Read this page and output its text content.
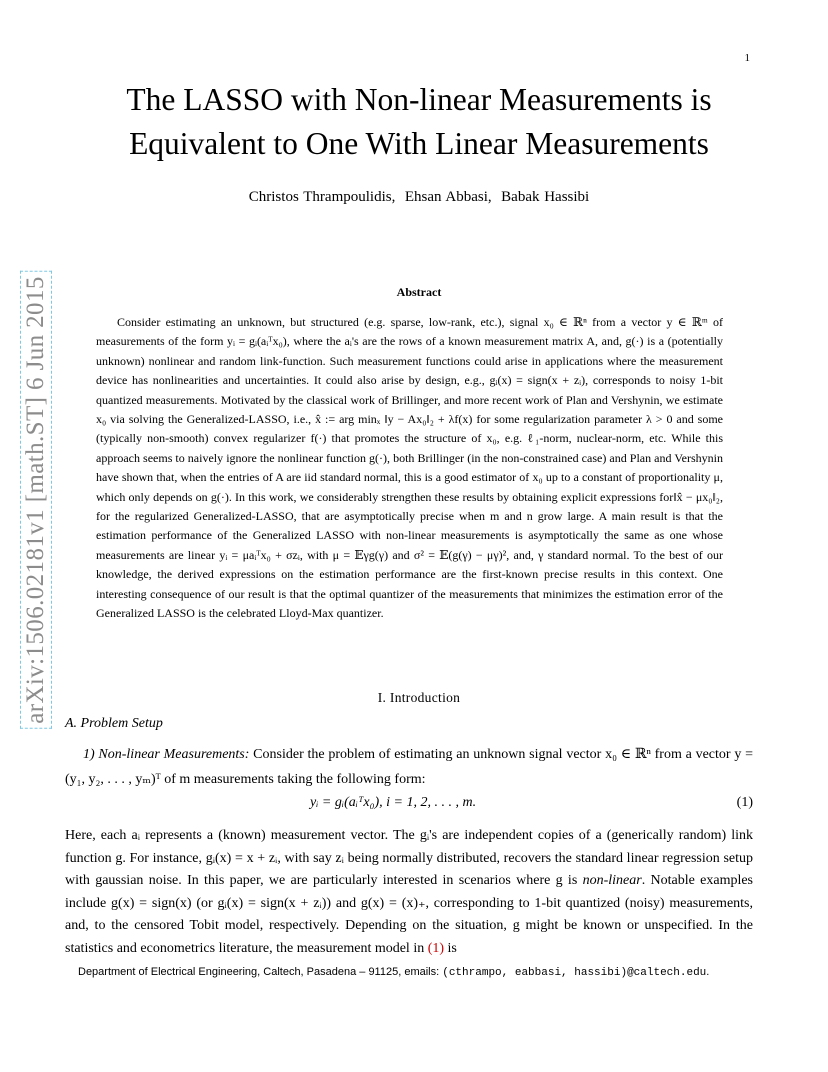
1
The LASSO with Non-linear Measurements is
Equivalent to One With Linear Measurements
Christos Thrampoulidis ,  Ehsan Abbasi ,  Babak Hassibi
arXiv:1506.02181v1 [math.ST] 6 Jun 2015	Abstract

Consider estimating an unknown, but structured (e.g. sparse, low-rank, etc.), signal x₀ ∈ ℝⁿ from a vector y ∈ ℝᵐ of measurements of the form yᵢ = gᵢ(aᵢᵀx₀), where the aᵢ's are the rows of a known measurement matrix A, and, g(·) is a (potentially unknown) nonlinear and random link-function. Such measurement functions could arise in applications where the measurement device has nonlinearities and uncertainties. It could also arise by design, e.g., gᵢ(x) = sign(x + zᵢ), corresponds to noisy 1-bit quantized measurements. Motivated by the classical work of Brillinger, and more recent work of Plan and Vershynin, we estimate x₀ via solving the Generalized-LASSO, i.e., x̂ := arg minₓ ‖y − Ax₀‖₂ + λf(x) for some regularization parameter λ > 0 and some (typically non-smooth) convex regularizer f(·) that promotes the structure of x₀, e.g. ℓ₁-norm, nuclear-norm, etc. While this approach seems to naively ignore the nonlinear function g(·), both Brillinger (in the non-constrained case) and Plan and Vershynin have shown that, when the entries of A are iid standard normal, this is a good estimator of x₀ up to a constant of proportionality μ, which only depends on g(·). In this work, we considerably strengthen these results by obtaining explicit expressions for‖x̂ − μx₀‖₂, for the regularized Generalized-LASSO, that are asymptotically precise when m and n grow large. A main result is that the estimation performance of the Generalized LASSO with non-linear measurements is asymptotically the same as one whose measurements are linear yᵢ = μaᵢᵀx₀ + σzᵢ, with μ = 𝔼γg(γ) and σ² = 𝔼(g(γ) − μγ)², and, γ standard normal. To the best of our knowledge, the derived expressions on the estimation performance are the first-known precise results in this context. One interesting consequence of our result is that the optimal quantizer of the measurements that minimizes the estimation error of the Generalized LASSO is the celebrated Lloyd-Max quantizer.

I. Introduction
A. Problem Setup

1) Non-linear Measurements: Consider the problem of estimating an unknown signal vector x₀ ∈ ℝⁿ from a vector y = (y₁, y₂, . . . , yₘ)ᵀ of m measurements taking the following form:

yᵢ = gᵢ(aᵢᵀx₀), i = 1, 2, . . . , m.	(1)

Here, each aᵢ represents a (known) measurement vector. The gᵢ's are independent copies of a (generically random) link function g. For instance, gᵢ(x) = x + zᵢ, with say zᵢ being normally distributed, recovers the standard linear regression setup with gaussian noise. In this paper, we are particularly interested in scenarios where g is non-linear. Notable examples include g(x) = sign(x) (or gᵢ(x) = sign(x + zᵢ)) and g(x) = (x)₊, corresponding to 1-bit quantized (noisy) measurements, and, to the censored Tobit model, respectively. Depending on the situation, g might be known or unspecified. In the statistics and econometrics literature, the measurement model in (1) is

Department of Electrical Engineering, Caltech, Pasadena – 91125, emails: (cthrampo, eabbasi, hassibi)@caltech.edu.
